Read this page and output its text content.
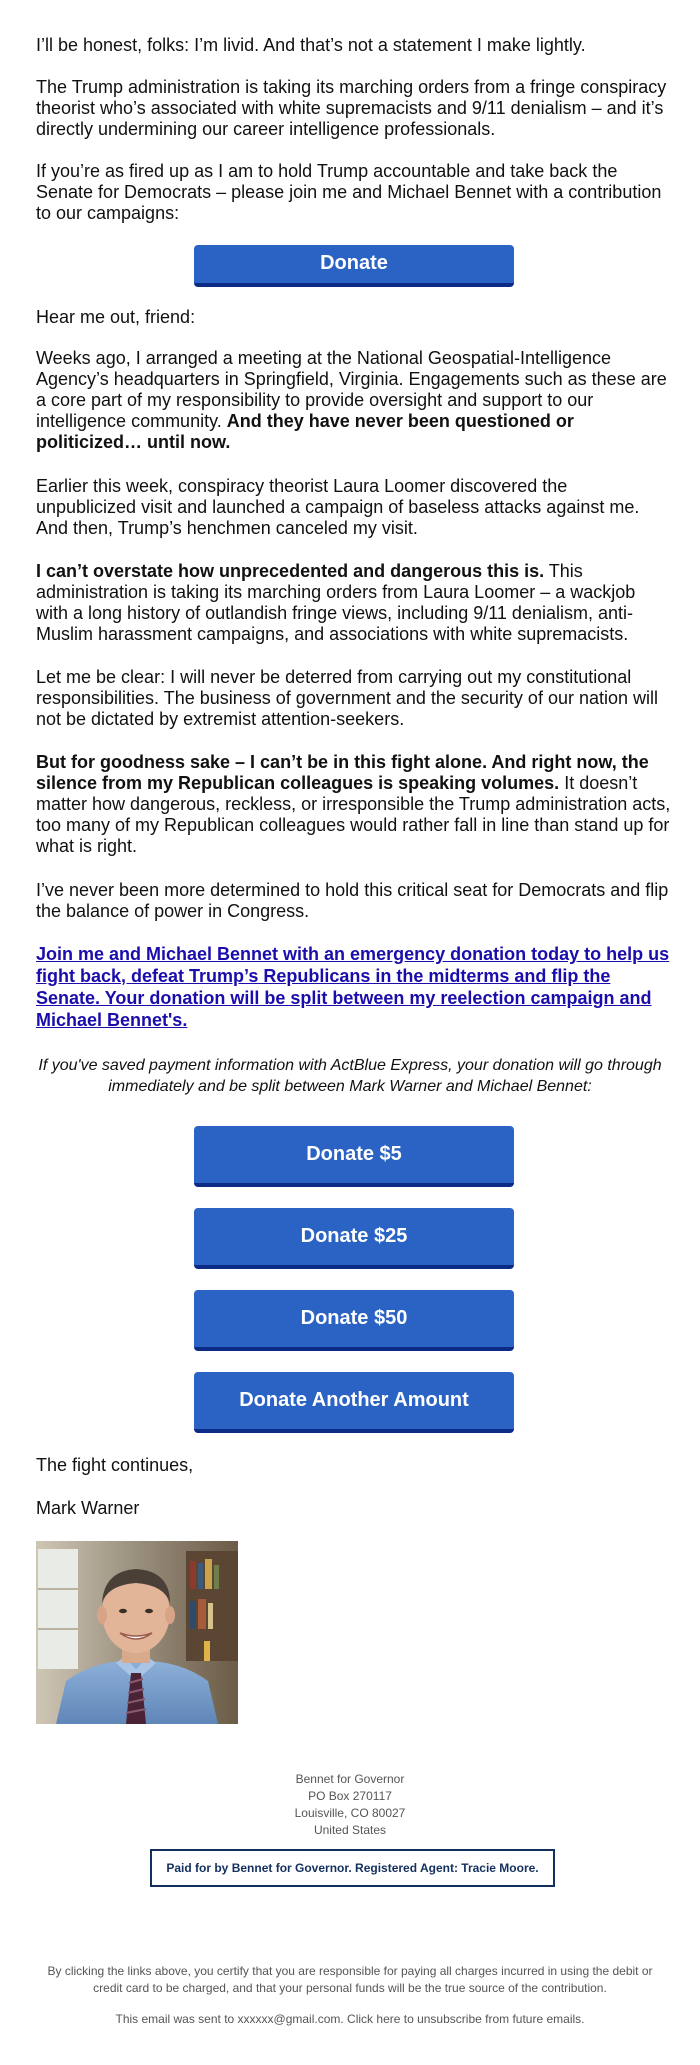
I’ll be honest, folks: I’m livid. And that’s not a statement I make lightly.

The Trump administration is taking its marching orders from a fringe conspiracy theorist who’s associated with white supremacists and 9/11 denialism – and it’s directly undermining our career intelligence professionals.

If you’re as fired up as I am to hold Trump accountable and take back the Senate for Democrats – please join me and Michael Bennet with a contribution to our campaigns:

Donate

Hear me out, friend:

Weeks ago, I arranged a meeting at the National Geospatial-Intelligence Agency’s headquarters in Springfield, Virginia. Engagements such as these are a core part of my responsibility to provide oversight and support to our intelligence community. And they have never been questioned or politicized… until now.

Earlier this week, conspiracy theorist Laura Loomer discovered the unpublicized visit and launched a campaign of baseless attacks against me. And then, Trump’s henchmen canceled my visit.

I can’t overstate how unprecedented and dangerous this is. This administration is taking its marching orders from Laura Loomer – a wackjob with a long history of outlandish fringe views, including 9/11 denialism, anti-Muslim harassment campaigns, and associations with white supremacists.

Let me be clear: I will never be deterred from carrying out my constitutional responsibilities. The business of government and the security of our nation will not be dictated by extremist attention-seekers.

But for goodness sake – I can’t be in this fight alone. And right now, the silence from my Republican colleagues is speaking volumes. It doesn’t matter how dangerous, reckless, or irresponsible the Trump administration acts, too many of my Republican colleagues would rather fall in line than stand up for what is right.

I’ve never been more determined to hold this critical seat for Democrats and flip the balance of power in Congress.

Join me and Michael Bennet with an emergency donation today to help us fight back, defeat Trump’s Republicans in the midterms and flip the Senate. Your donation will be split between my reelection campaign and Michael Bennet's.

If you've saved payment information with ActBlue Express, your donation will go through immediately and be split between Mark Warner and Michael Bennet:

Donate $5
Donate $25
Donate $50
Donate Another Amount

The fight continues,

Mark Warner

Bennet for Governor
PO Box 270117
Louisville, CO 80027
United States
Paid for by Bennet for Governor. Registered Agent: Tracie Moore.

By clicking the links above, you certify that you are responsible for paying all charges incurred in using the debit or credit card to be charged, and that your personal funds will be the true source of the contribution.

This email was sent to xxxxxx@gmail.com. Click here to unsubscribe from future emails.
